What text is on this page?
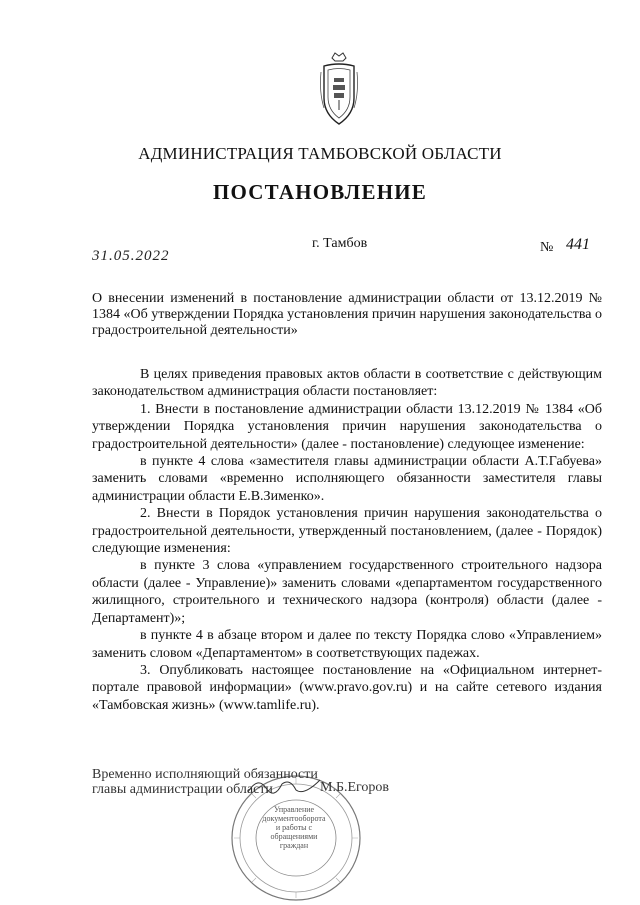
АДМИНИСТРАЦИЯ ТАМБОВСКОЙ ОБЛАСТИ
ПОСТАНОВЛЕНИЕ
31.05.2022
г. Тамбов	№ 441
О внесении изменений в постановление администрации области от 13.12.2019 № 1384 «Об утверждении Порядка установления причин нарушения законодательства о градостроительной деятельности»

В целях приведения правовых актов области в соответствие с действующим законодательством администрация области постановляет:

1. Внести в постановление администрации области 13.12.2019 № 1384 «Об утверждении Порядка установления причин нарушения законодательства о градостроительной деятельности» (далее - постановление) следующее изменение:

в пункте 4 слова «заместителя главы администрации области А.Т.Габуева» заменить словами «временно исполняющего обязанности заместителя главы администрации области Е.В.Зименко».

2. Внести в Порядок установления причин нарушения законодательства о градостроительной деятельности, утвержденный постановлением, (далее - Порядок) следующие изменения:

в пункте 3 слова «управлением государственного строительного надзора области (далее - Управление)» заменить словами «департаментом государственного жилищного, строительного и технического надзора (контроля) области (далее - Департамент)»;

в пункте 4 в абзаце втором и далее по тексту Порядка слово «Управлением» заменить словом «Департаментом» в соответствующих падежах.

3. Опубликовать настоящее постановление на «Официальном интернет-портале правовой информации» (www.pravo.gov.ru) и на сайте сетевого издания «Тамбовская жизнь» (www.tamlife.ru).

Управление документооборота и работы с обращениями граждан
Временно исполняющий обязанности
главы администрации области	М.Б.Егоров
